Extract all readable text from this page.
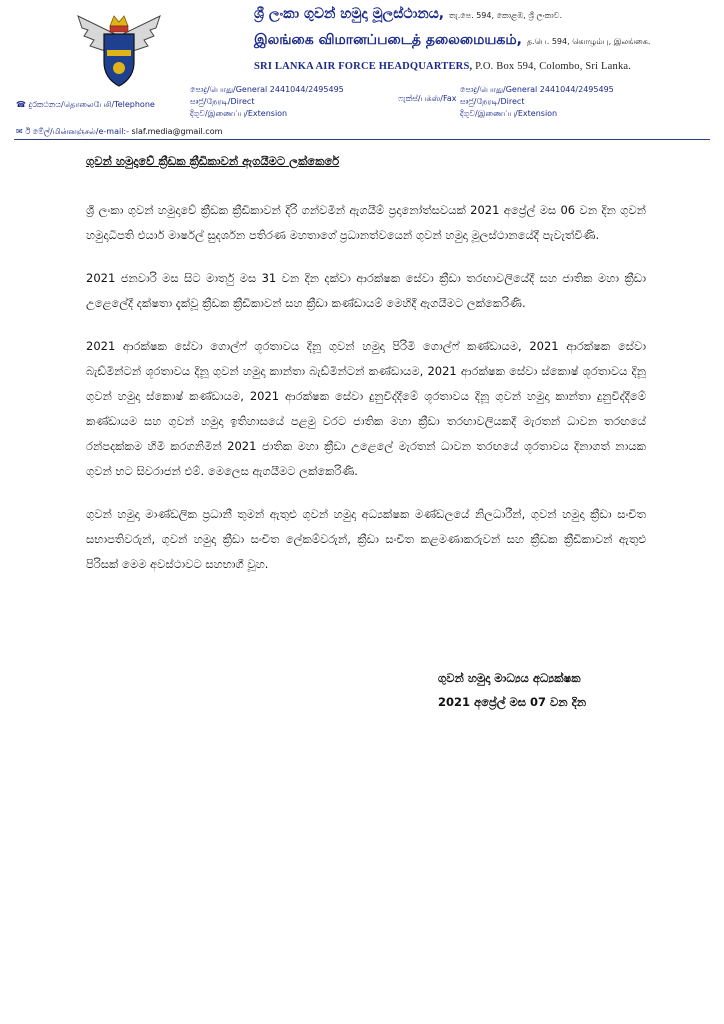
ශ්‍රී ලංකා ගුවන් හමුදා මූලස්ථානය, තැ.පෙ. 594, කොළඹ, ශ්‍රී ලංකාව.
இலங்கை விமானப்படைத் தலைமையகம், த.பெ. 594, கொழும்பு, இலங்கை.
SRI LANKA AIR FORCE HEADQUARTERS, P.O. Box 594, Colombo, Sri Lanka.
☎ දුරකථනය/தொலைபேசி/Telephone
පොදු/பொது/General 2441044/2495495
සෘජු/நேரடி/Direct
දිගුව/இணைப்பு/Extension
ෆැක්ස්/பக்ஸ்/Fax
පොදු/பொது/General 2441044/2495495
සෘජු/நேரடி/Direct
දිගුව/இணைப்பு/Extension
✉ ඊ මේල්/மின்னஞ்சல்/e-mail:- slaf.media@gmail.com
ගුවන් හමුදාවේ ක්‍රීඩක ක්‍රීඩිකාවන් ඇගයීමට ලක්කෙරේ

ශ්‍රී ලංකා ගුවන් හමුදාවේ ක්‍රීඩක ක්‍රීඩිකාවන් දිරි ගන්වමින් ඇගයීම් ප්‍රදානෝත්සවයක් 2021 අප්‍රේල් මස 06 වන දින ගුවන් හමුදාධිපති එයාර් මාර්ෂල් සුදර්ශන පතිරණ මහතාගේ ප්‍රධානත්වයෙන් ගුවන් හමුදා මූලස්ථානයේදී පැවැත්විණි.

2021 ජනවාරි මස සිට මාර්තු මස 31 වන දින දක්වා ආරක්ෂක සේවා ක්‍රීඩා තරඟාවලියේදී සහ ජාතික මහා ක්‍රීඩා උළෙලේදී දක්ෂතා දැක්වූ ක්‍රීඩක ක්‍රීඩිකාවන් සහ ක්‍රීඩා කණ්ඩායම් මෙහිදී ඇගයීමට ලක්කෙරිණි.

2021 ආරක්ෂක සේවා ගොල්ෆ් ශූරතාවය දිනූ ගුවන් හමුදා පිරිමි ගොල්ෆ් කණ්ඩායම, 2021 ආරක්ෂක සේවා බැඩ්මින්ටන් ශූරතාවය දිනූ ගුවන් හමුදා කාන්තා බැඩ්මින්ටන් කණ්ඩායම, 2021 ආරක්ෂක සේවා ස්කොෂ් ශූරතාවය දිනූ ගුවන් හමුදා ස්කොෂ් කණ්ඩායම, 2021 ආරක්ෂක සේවා දුනුවිද්දීමේ ශූරතාවය දිනූ ගුවන් හමුදා කාන්තා දුනුවිද්දීමේ කණ්ඩායම සහ ගුවන් හමුදා ඉතිහාසයේ පළමු වරට ජාතික මහා ක්‍රීඩා තරඟාවලියකදී මැරතන් ධාවන තරඟයේ රන්පදක්කම හිමි කරගනිමින් 2021 ජාතික මහා ක්‍රීඩා උළෙලේ මැරතන් ධාවන තරඟයේ ශූරතාවය දිනාගත් නායක ගුවන් භට සිවරාජන් එම්. මෙලෙස ඇගයීමට ලක්කෙරිණි.

ගුවන් හමුදා මාණ්ඩලික ප්‍රධානී තුමන් ඇතුළු ගුවන් හමුදා අධ්‍යක්ෂක මණ්ඩලයේ නිලධාරීන්, ගුවන් හමුදා ක්‍රීඩා සංචිත සභාපතිවරුන්, ගුවන් හමුදා ක්‍රීඩා සංචිත ලේකම්වරුන්, ක්‍රීඩා සංචිත කළමණාකරුවන් සහ ක්‍රීඩක ක්‍රීඩිකාවන් ඇතුළු පිරිසක් මෙම අවස්ථාවට සහභාගී වූහ.

ගුවන් හමුදා මාධ්‍යය අධ්‍යක්ෂක
2021 අප්‍රේල් මස 07 වන දින
